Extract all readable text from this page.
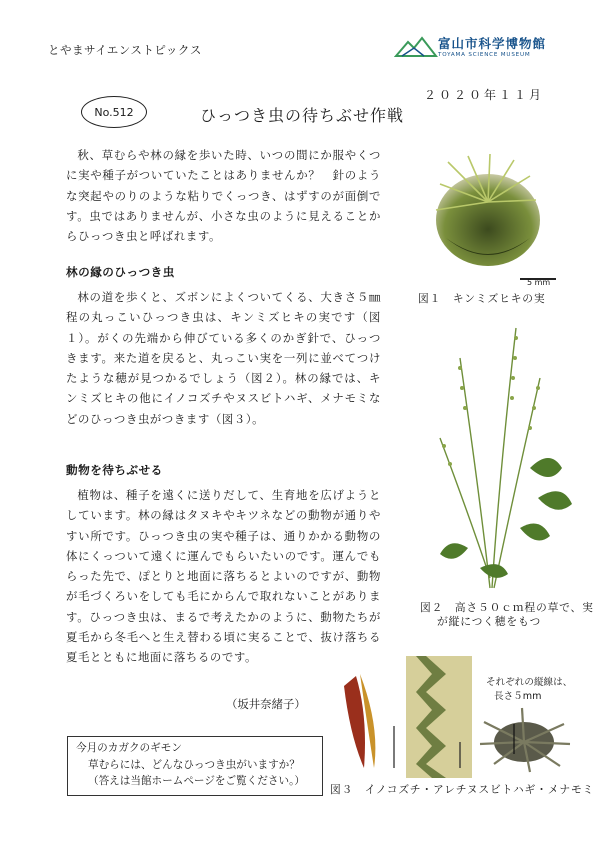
とやまサイエンストピックス	富山市科学博物館
TOYAMA SCIENCE MUSEUM
２０２０年１１月
No.512	ひっつき虫の待ちぶせ作戦

秋、草むらや林の縁を歩いた時、いつの間にか服やくつに実や種子がついていたことはありませんか？　針のような突起やのりのような粘りでくっつき、はずすのが面倒です。虫ではありませんが、小さな虫のように見えることからひっつき虫と呼ばれます。

林の縁のひっつき虫

林の道を歩くと、ズボンによくついてくる、大きさ５㎜程の丸っこいひっつき虫は、キンミズヒキの実です（図１）。がくの先端から伸びている多くのかぎ針で、ひっつきます。来た道を戻ると、丸っこい実を一列に並べてつけたような穂が見つかるでしょう（図２）。林の縁では、キンミズヒキの他にイノコズチやヌスビトハギ、メナモミなどのひっつき虫がつきます（図３）。

動物を待ちぶせる

植物は、種子を遠くに送りだして、生育地を広げようとしています。林の縁はタヌキやキツネなどの動物が通りやすい所です。ひっつき虫の実や種子は、通りかかる動物の体にくっついて遠くに運んでもらいたいのです。運んでもらった先で、ぽとりと地面に落ちるとよいのですが、動物が毛づくろいをしても毛にからんで取れないことがあります。ひっつき虫は、まるで考えたかのように、動物たちが夏毛から冬毛へと生え替わる頃に実ることで、抜け落ちる夏毛とともに地面に落ちるのです。

（坂井奈緒子）
今月のカガクのギモン
草むらには、どんなひっつき虫がいますか？
（答えは当館ホームページをご覧ください。）
5 mm
図１　キンミズヒキの実
図２　高さ５０ｃｍ程の草で、実
が縦につく穂をもつ
それぞれの縦線は、
長さ５mm
図３　イノコズチ・アレチヌスビトハギ・メナモミ
